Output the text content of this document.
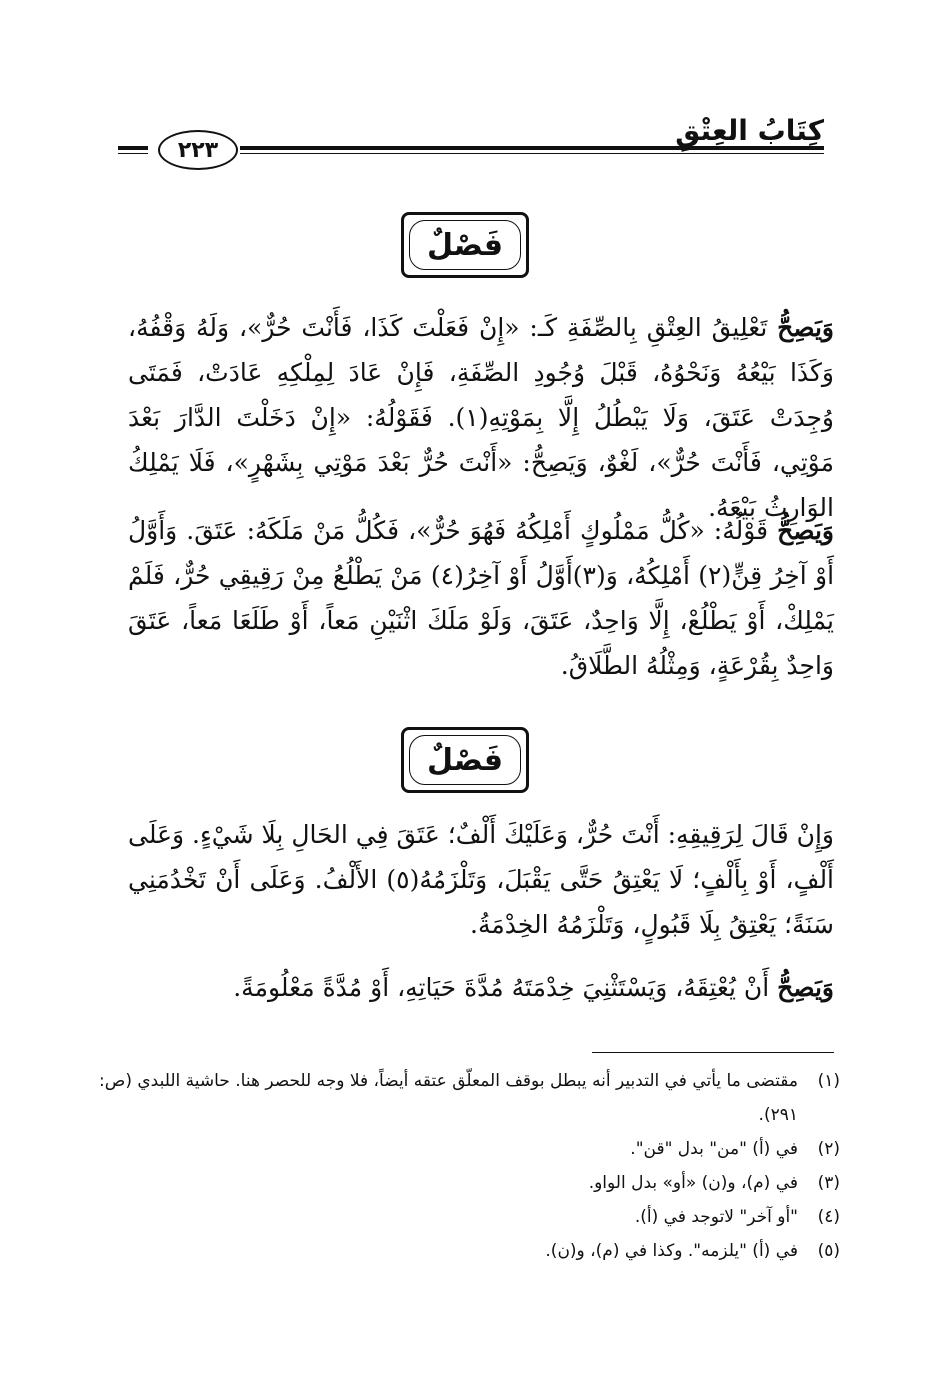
كِتَابُ العِتْقِ
٢٢٣
فَصْلٌ
وَيَصِحُّ تَعْلِيقُ العِتْقِ بِالصِّفَةِ كَـ: «إِنْ فَعَلْتَ كَذَا، فَأَنْتَ حُرٌّ»، وَلَهُ وَقْفُهُ، وَكَذَا بَيْعُهُ وَنَحْوُهُ، قَبْلَ وُجُودِ الصِّفَةِ، فَإِنْ عَادَ لِمِلْكِهِ عَادَتْ، فَمَتَى وُجِدَتْ عَتَقَ، وَلَا يَبْطُلُ إِلَّا بِمَوْتِهِ(١). فَقَوْلُهُ: «إِنْ دَخَلْتَ الدَّارَ بَعْدَ مَوْتِي، فَأَنْتَ حُرٌّ»، لَغْوٌ، وَيَصِحُّ: «أَنْتَ حُرٌّ بَعْدَ مَوْتِي بِشَهْرٍ»، فَلَا يَمْلِكُ الوَارِثُ بَيْعَهُ.
وَيَصِحُّ قَوْلُهُ: «كُلُّ مَمْلُوكٍ أَمْلِكُهُ فَهُوَ حُرٌّ»، فَكُلُّ مَنْ مَلَكَهُ: عَتَقَ. وَأَوَّلُ أَوْ آخِرُ قِنٍّ(٢) أَمْلِكُهُ، وَ(٣)أَوَّلُ أَوْ آخِرُ(٤) مَنْ يَطْلُعُ مِنْ رَقِيقِي حُرٌّ، فَلَمْ يَمْلِكْ، أَوْ يَطْلُعْ، إِلَّا وَاحِدٌ، عَتَقَ، وَلَوْ مَلَكَ اثْنَيْنِ مَعاً، أَوْ طَلَعَا مَعاً، عَتَقَ وَاحِدٌ بِقُرْعَةٍ، وَمِثْلُهُ الطَّلَاقُ.
فَصْلٌ
وَإِنْ قَالَ لِرَقِيقِهِ: أَنْتَ حُرٌّ، وَعَلَيْكَ أَلْفٌ؛ عَتَقَ فِي الحَالِ بِلَا شَيْءٍ. وَعَلَى أَلْفٍ، أَوْ بِأَلْفٍ؛ لَا يَعْتِقُ حَتَّى يَقْبَلَ، وَتَلْزَمُهُ(٥) الأَلْفُ. وَعَلَى أَنْ تَخْدُمَنِي سَنَةً؛ يَعْتِقُ بِلَا قَبُولٍ، وَتَلْزَمُهُ الخِدْمَةُ.
وَيَصِحُّ أَنْ يُعْتِقَهُ، وَيَسْتَثْنِيَ خِدْمَتَهُ مُدَّةَ حَيَاتِهِ، أَوْ مُدَّةً مَعْلُومَةً.
(١)
مقتضى ما يأتي في التدبير أنه يبطل بوقف المعلّق عتقه أيضاً، فلا وجه للحصر هنا. حاشية اللبدي (ص: ٢٩١).
(٢)
في (أ) "من" بدل "قن".
(٣)
في (م)، و(ن) «أو» بدل الواو.
(٤)
"أو آخر" لاتوجد في (أ).
(٥)
في (أ) "يلزمه". وكذا في (م)، و(ن).
